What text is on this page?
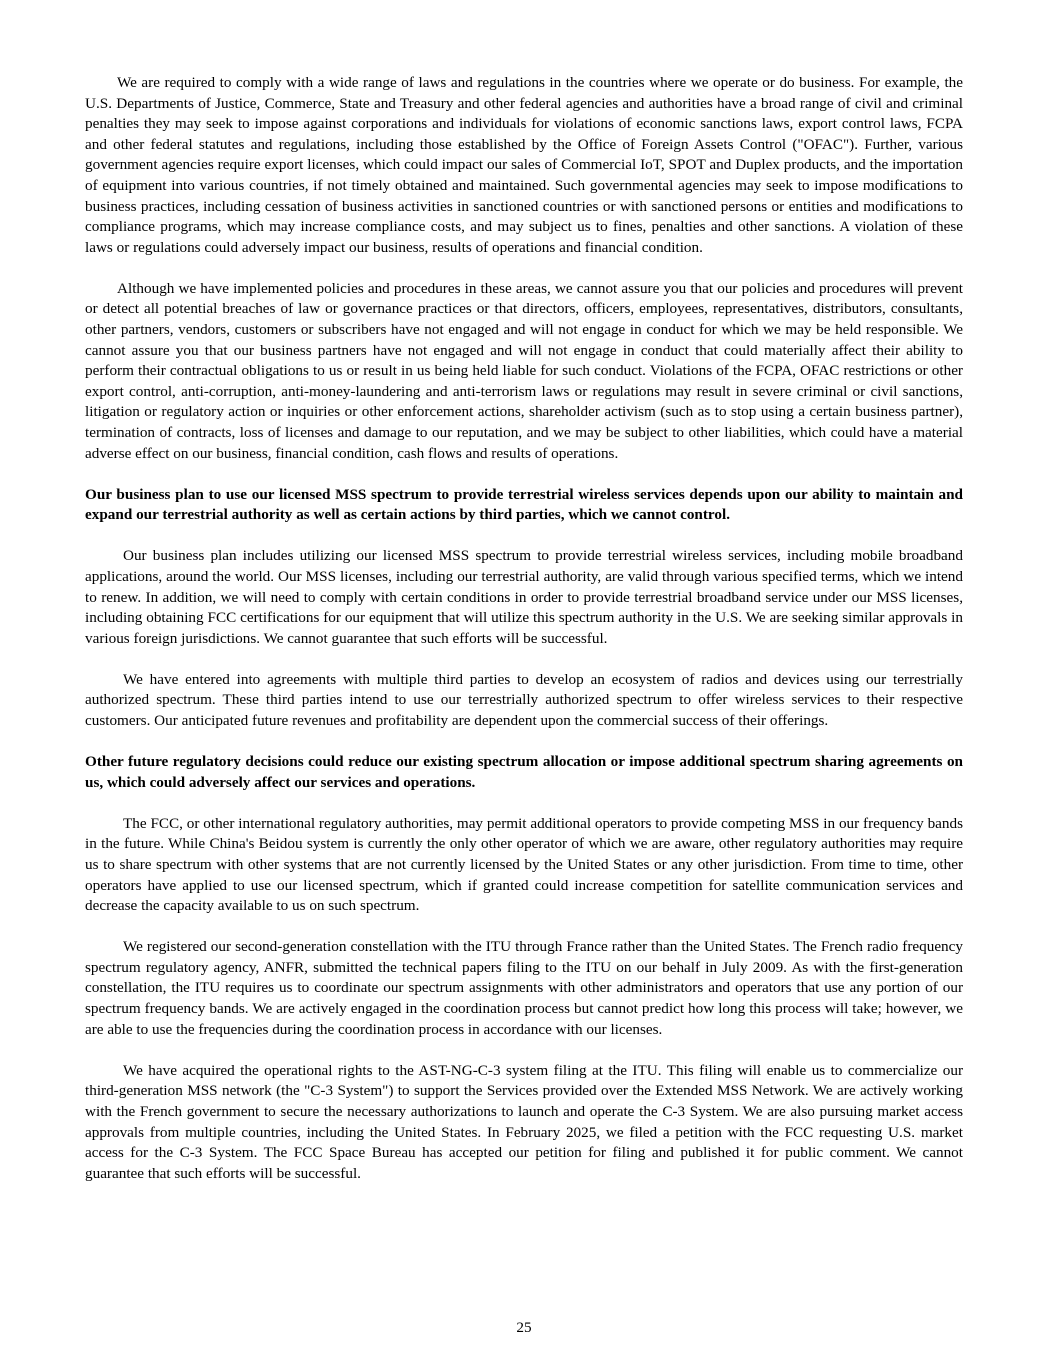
We are required to comply with a wide range of laws and regulations in the countries where we operate or do business. For example, the U.S. Departments of Justice, Commerce, State and Treasury and other federal agencies and authorities have a broad range of civil and criminal penalties they may seek to impose against corporations and individuals for violations of economic sanctions laws, export control laws, FCPA and other federal statutes and regulations, including those established by the Office of Foreign Assets Control ("OFAC"). Further, various government agencies require export licenses, which could impact our sales of Commercial IoT, SPOT and Duplex products, and the importation of equipment into various countries, if not timely obtained and maintained. Such governmental agencies may seek to impose modifications to business practices, including cessation of business activities in sanctioned countries or with sanctioned persons or entities and modifications to compliance programs, which may increase compliance costs, and may subject us to fines, penalties and other sanctions. A violation of these laws or regulations could adversely impact our business, results of operations and financial condition.

Although we have implemented policies and procedures in these areas, we cannot assure you that our policies and procedures will prevent or detect all potential breaches of law or governance practices or that directors, officers, employees, representatives, distributors, consultants, other partners, vendors, customers or subscribers have not engaged and will not engage in conduct for which we may be held responsible. We cannot assure you that our business partners have not engaged and will not engage in conduct that could materially affect their ability to perform their contractual obligations to us or result in us being held liable for such conduct. Violations of the FCPA, OFAC restrictions or other export control, anti-corruption, anti-money-laundering and anti-terrorism laws or regulations may result in severe criminal or civil sanctions, litigation or regulatory action or inquiries or other enforcement actions, shareholder activism (such as to stop using a certain business partner), termination of contracts, loss of licenses and damage to our reputation, and we may be subject to other liabilities, which could have a material adverse effect on our business, financial condition, cash flows and results of operations.

Our business plan to use our licensed MSS spectrum to provide terrestrial wireless services depends upon our ability to maintain and expand our terrestrial authority as well as certain actions by third parties, which we cannot control.

Our business plan includes utilizing our licensed MSS spectrum to provide terrestrial wireless services, including mobile broadband applications, around the world. Our MSS licenses, including our terrestrial authority, are valid through various specified terms, which we intend to renew. In addition, we will need to comply with certain conditions in order to provide terrestrial broadband service under our MSS licenses, including obtaining FCC certifications for our equipment that will utilize this spectrum authority in the U.S. We are seeking similar approvals in various foreign jurisdictions. We cannot guarantee that such efforts will be successful.

We have entered into agreements with multiple third parties to develop an ecosystem of radios and devices using our terrestrially authorized spectrum. These third parties intend to use our terrestrially authorized spectrum to offer wireless services to their respective customers. Our anticipated future revenues and profitability are dependent upon the commercial success of their offerings.

Other future regulatory decisions could reduce our existing spectrum allocation or impose additional spectrum sharing agreements on us, which could adversely affect our services and operations.

The FCC, or other international regulatory authorities, may permit additional operators to provide competing MSS in our frequency bands in the future. While China's Beidou system is currently the only other operator of which we are aware, other regulatory authorities may require us to share spectrum with other systems that are not currently licensed by the United States or any other jurisdiction. From time to time, other operators have applied to use our licensed spectrum, which if granted could increase competition for satellite communication services and decrease the capacity available to us on such spectrum.

We registered our second-generation constellation with the ITU through France rather than the United States. The French radio frequency spectrum regulatory agency, ANFR, submitted the technical papers filing to the ITU on our behalf in July 2009. As with the first-generation constellation, the ITU requires us to coordinate our spectrum assignments with other administrators and operators that use any portion of our spectrum frequency bands. We are actively engaged in the coordination process but cannot predict how long this process will take; however, we are able to use the frequencies during the coordination process in accordance with our licenses.

We have acquired the operational rights to the AST-NG-C-3 system filing at the ITU. This filing will enable us to commercialize our third-generation MSS network (the "C-3 System") to support the Services provided over the Extended MSS Network. We are actively working with the French government to secure the necessary authorizations to launch and operate the C-3 System. We are also pursuing market access approvals from multiple countries, including the United States. In February 2025, we filed a petition with the FCC requesting U.S. market access for the C-3 System. The FCC Space Bureau has accepted our petition for filing and published it for public comment. We cannot guarantee that such efforts will be successful.

25
